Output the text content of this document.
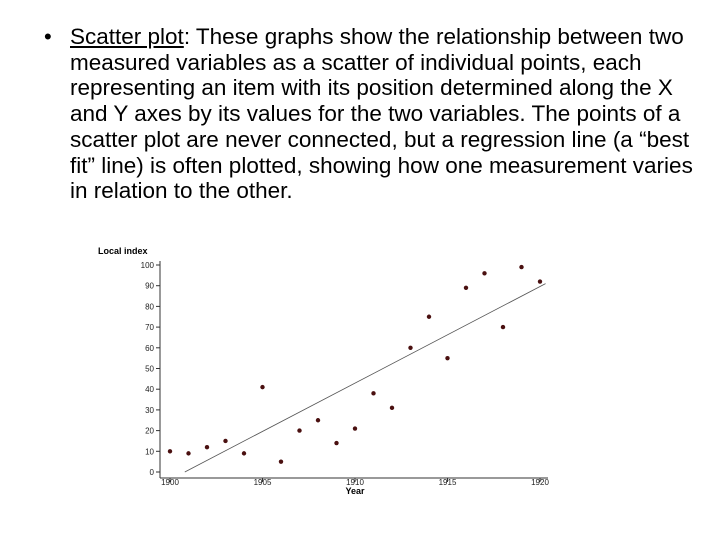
• Scatter plot: These graphs show the relationship between two measured variables as a scatter of individual points, each representing an item with its position determined along the X and Y axes by its values for the two variables. The points of a scatter plot are never connected, but a regression line (a “best fit” line) is often plotted, showing how one measurement varies in relation to the other.
0
10
20
30
40
50
60
70
80
90
100
1900	1905	1910	1915	1920
Local index
Year
